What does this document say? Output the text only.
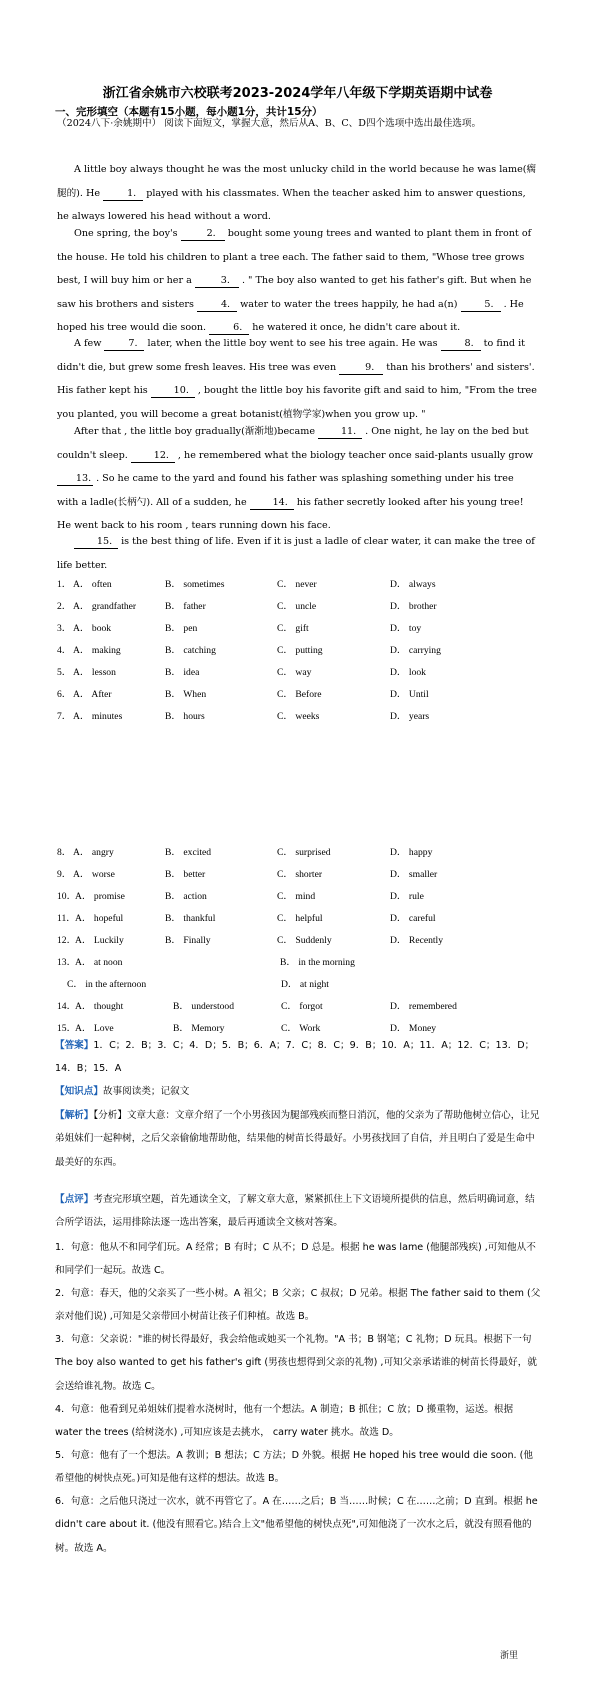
浙江省余姚市六校联考2023-2024学年八年级下学期英语期中试卷
一、完形填空（本题有15小题，每小题1分，共计15分）
（2024八下·余姚期中） 阅读下面短文，掌握大意，然后从A、B、C、D四个选项中选出最佳选项。
A little boy always thought he was the most unlucky child in the world because he was lame(瘸腿的). He	1. played with his classmates. When the teacher asked him to answer questions, he always lowered his head without a word.
One spring, the boy's	2. bought some young trees and wanted to plant them in front of the house. He told his children to plant a tree each. The father said to them, "Whose tree grows best, I will buy him or her a	3. . " The boy also wanted to get his father's gift. But when he saw his brothers and sisters	4. water to water the trees happily, he had a(n)	5. . He hoped his tree would die soon.	6. he watered it once, he didn't care about it.
A few	7. later, when the little boy went to see his tree again. He was	8. to find it didn't die, but grew some fresh leaves. His tree was even	9. than his brothers' and sisters'. His father kept his	10. , bought the little boy his favorite gift and said to him, "From the tree you planted, you will become a great botanist(植物学家)when you grow up. "
After that , the little boy gradually(渐渐地)became	11. . One night, he lay on the bed but couldn't sleep.	12. , he remembered what the biology teacher once said-plants usually grow 13. . So he came to the yard and found his father was splashing something under his tree with a ladle(长柄勺). All of a sudden, he	14. his father secretly looked after his young tree! He went back to his room , tears running down his face.
15. is the best thing of life. Even if it is just a ladle of clear water, it can make the tree of life better.
1． A． often	B． sometimes	C． never	D． always
2． A． grandfather	B． father	C． uncle	D． brother
3． A． book	B． pen	C． gift	D． toy
4． A． making	B． catching	C． putting	D． carrying
5． A． lesson	B． idea	C． way	D． look
6． A． After	B． When	C． Before	D． Until
7． A． minutes	B． hours	C． weeks	D． years
8． A． angry	B． excited	C． surprised	D． happy
9． A． worse	B． better	C． shorter	D． smaller
10．
A． promise	B． action	C． mind	D． rule
11． A． hopeful	B． thankful	C． helpful	D． careful
12．
A． Luckily	B． Finally	C． Suddenly	D． Recently
13．
A． at noon	B． in the morning
C． in the afternoon	D． at night
14．
A． thought	B． understood	C． forgot	D． remembered
15．
A． Love	B． Memory	C． Work	D． Money
【答案】1．C；2．B；3．C；4．D；5．B；6．A；7．C；8．C；9．B；10．A；11．A；12．C；13．D；14．B；15．A
【知识点】故事阅读类；记叙文
【解析】【分析】文章大意：文章介绍了一个小男孩因为腿部残疾而整日消沉，他的父亲为了帮助他树立信心，让兄弟姐妹们一起种树，之后父亲偷偷地帮助他，结果他的树苗长得最好。小男孩找回了自信，并且明白了爱是生命中最美好的东西。
【点评】考查完形填空题，首先通读全文，了解文章大意，紧紧抓住上下文语境所提供的信息，然后明确词意，结合所学语法，运用排除法逐一选出答案，最后再通读全文核对答案。
1．句意：他从不和同学们玩。A 经常；B 有时；C 从不；D 总是。根据 he was lame (他腿部残疾) ,可知他从不和同学们一起玩。故选 C。
2．句意：春天，他的父亲买了一些小树。A 祖父；B 父亲；C 叔叔；D 兄弟。根据 The father said to them (父亲对他们说) ,可知是父亲带回小树苗让孩子们种植。故选 B。
3．句意：父亲说："谁的树长得最好，我会给他或她买一个礼物。"A 书；B 钢笔；C 礼物；D 玩具。根据下一句 The boy also wanted to get his father's gift (男孩也想得到父亲的礼物) ,可知父亲承诺谁的树苗长得最好，就会送给谁礼物。故选 C。
4．句意：他看到兄弟姐妹们提着水浇树时，他有一个想法。A 制造；B 抓住；C 放；D 搬重物，运送。根据 water the trees (给树浇水) ,可知应该是去挑水， carry water 挑水。故选 D。
5．句意：他有了一个想法。A 教训；B 想法；C 方法；D 外貌。根据 He hoped his tree would die soon. (他希望他的树快点死。)可知是他有这样的想法。故选 B。
6．句意：之后他只浇过一次水，就不再管它了。A 在……之后；B 当……时候；C 在……之前；D 直到。根据 he didn't care about it. (他没有照看它。)结合上文"他希望他的树快点死",可知他浇了一次水之后，就没有照看他的树。故选 A。
浙里
